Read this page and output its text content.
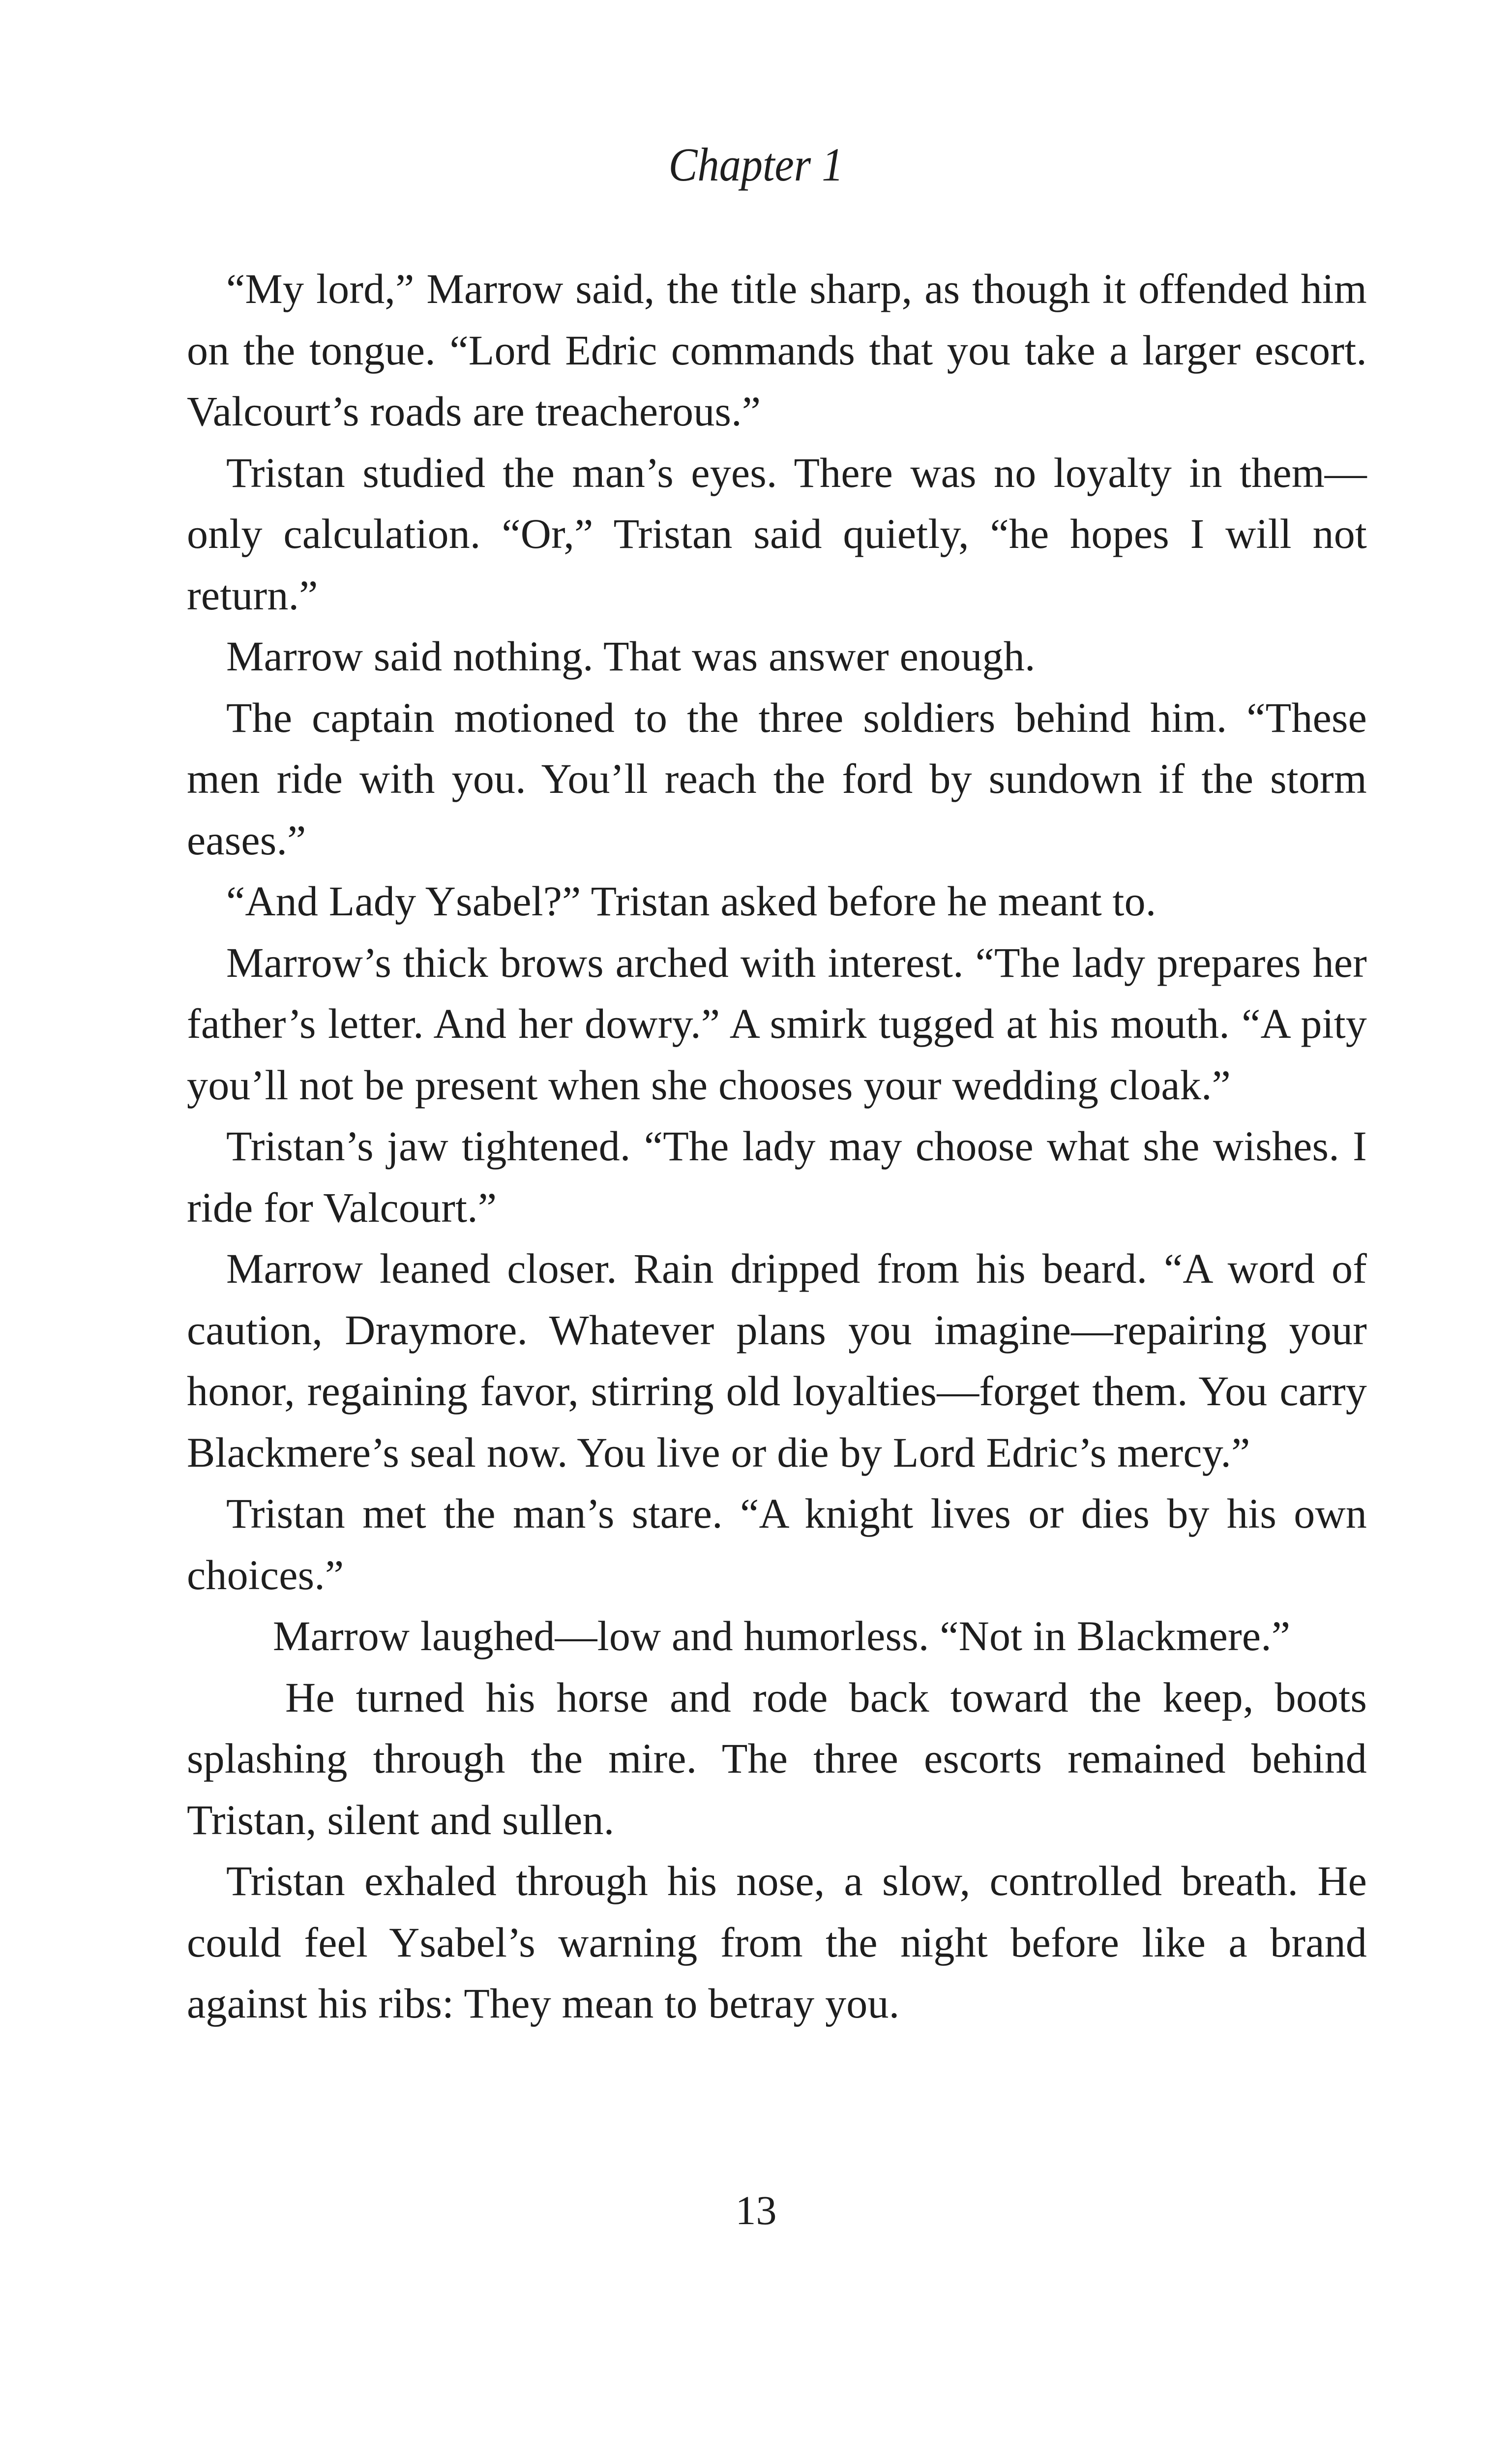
Chapter 1

“My lord,” Marrow said, the title sharp, as though it offended him on the tongue. “Lord Edric commands that you take a larger escort. Valcourt’s roads are treacherous.”

Tristan studied the man’s eyes. There was no loyalty in them—only calculation. “Or,” Tristan said quietly, “he hopes I will not return.”

Marrow said nothing. That was answer enough.

The captain motioned to the three soldiers behind him. “These men ride with you. You’ll reach the ford by sundown if the storm eases.”

“And Lady Ysabel?” Tristan asked before he meant to.

Marrow’s thick brows arched with interest. “The lady prepares her father’s letter. And her dowry.” A smirk tugged at his mouth. “A pity you’ll not be present when she chooses your wedding cloak.”

Tristan’s jaw tightened. “The lady may choose what she wishes. I ride for Valcourt.”

Marrow leaned closer. Rain dripped from his beard. “A word of caution, Draymore. Whatever plans you imagine—repairing your honor, regaining favor, stirring old loyalties—forget them. You carry Blackmere’s seal now. You live or die by Lord Edric’s mercy.”

Tristan met the man’s stare. “A knight lives or dies by his own choices.”

Marrow laughed—low and humorless. “Not in Blackmere.”

He turned his horse and rode back toward the keep, boots splashing through the mire. The three escorts remained behind Tristan, silent and sullen.

Tristan exhaled through his nose, a slow, controlled breath. He could feel Ysabel’s warning from the night before like a brand against his ribs: They mean to betray you.

13
